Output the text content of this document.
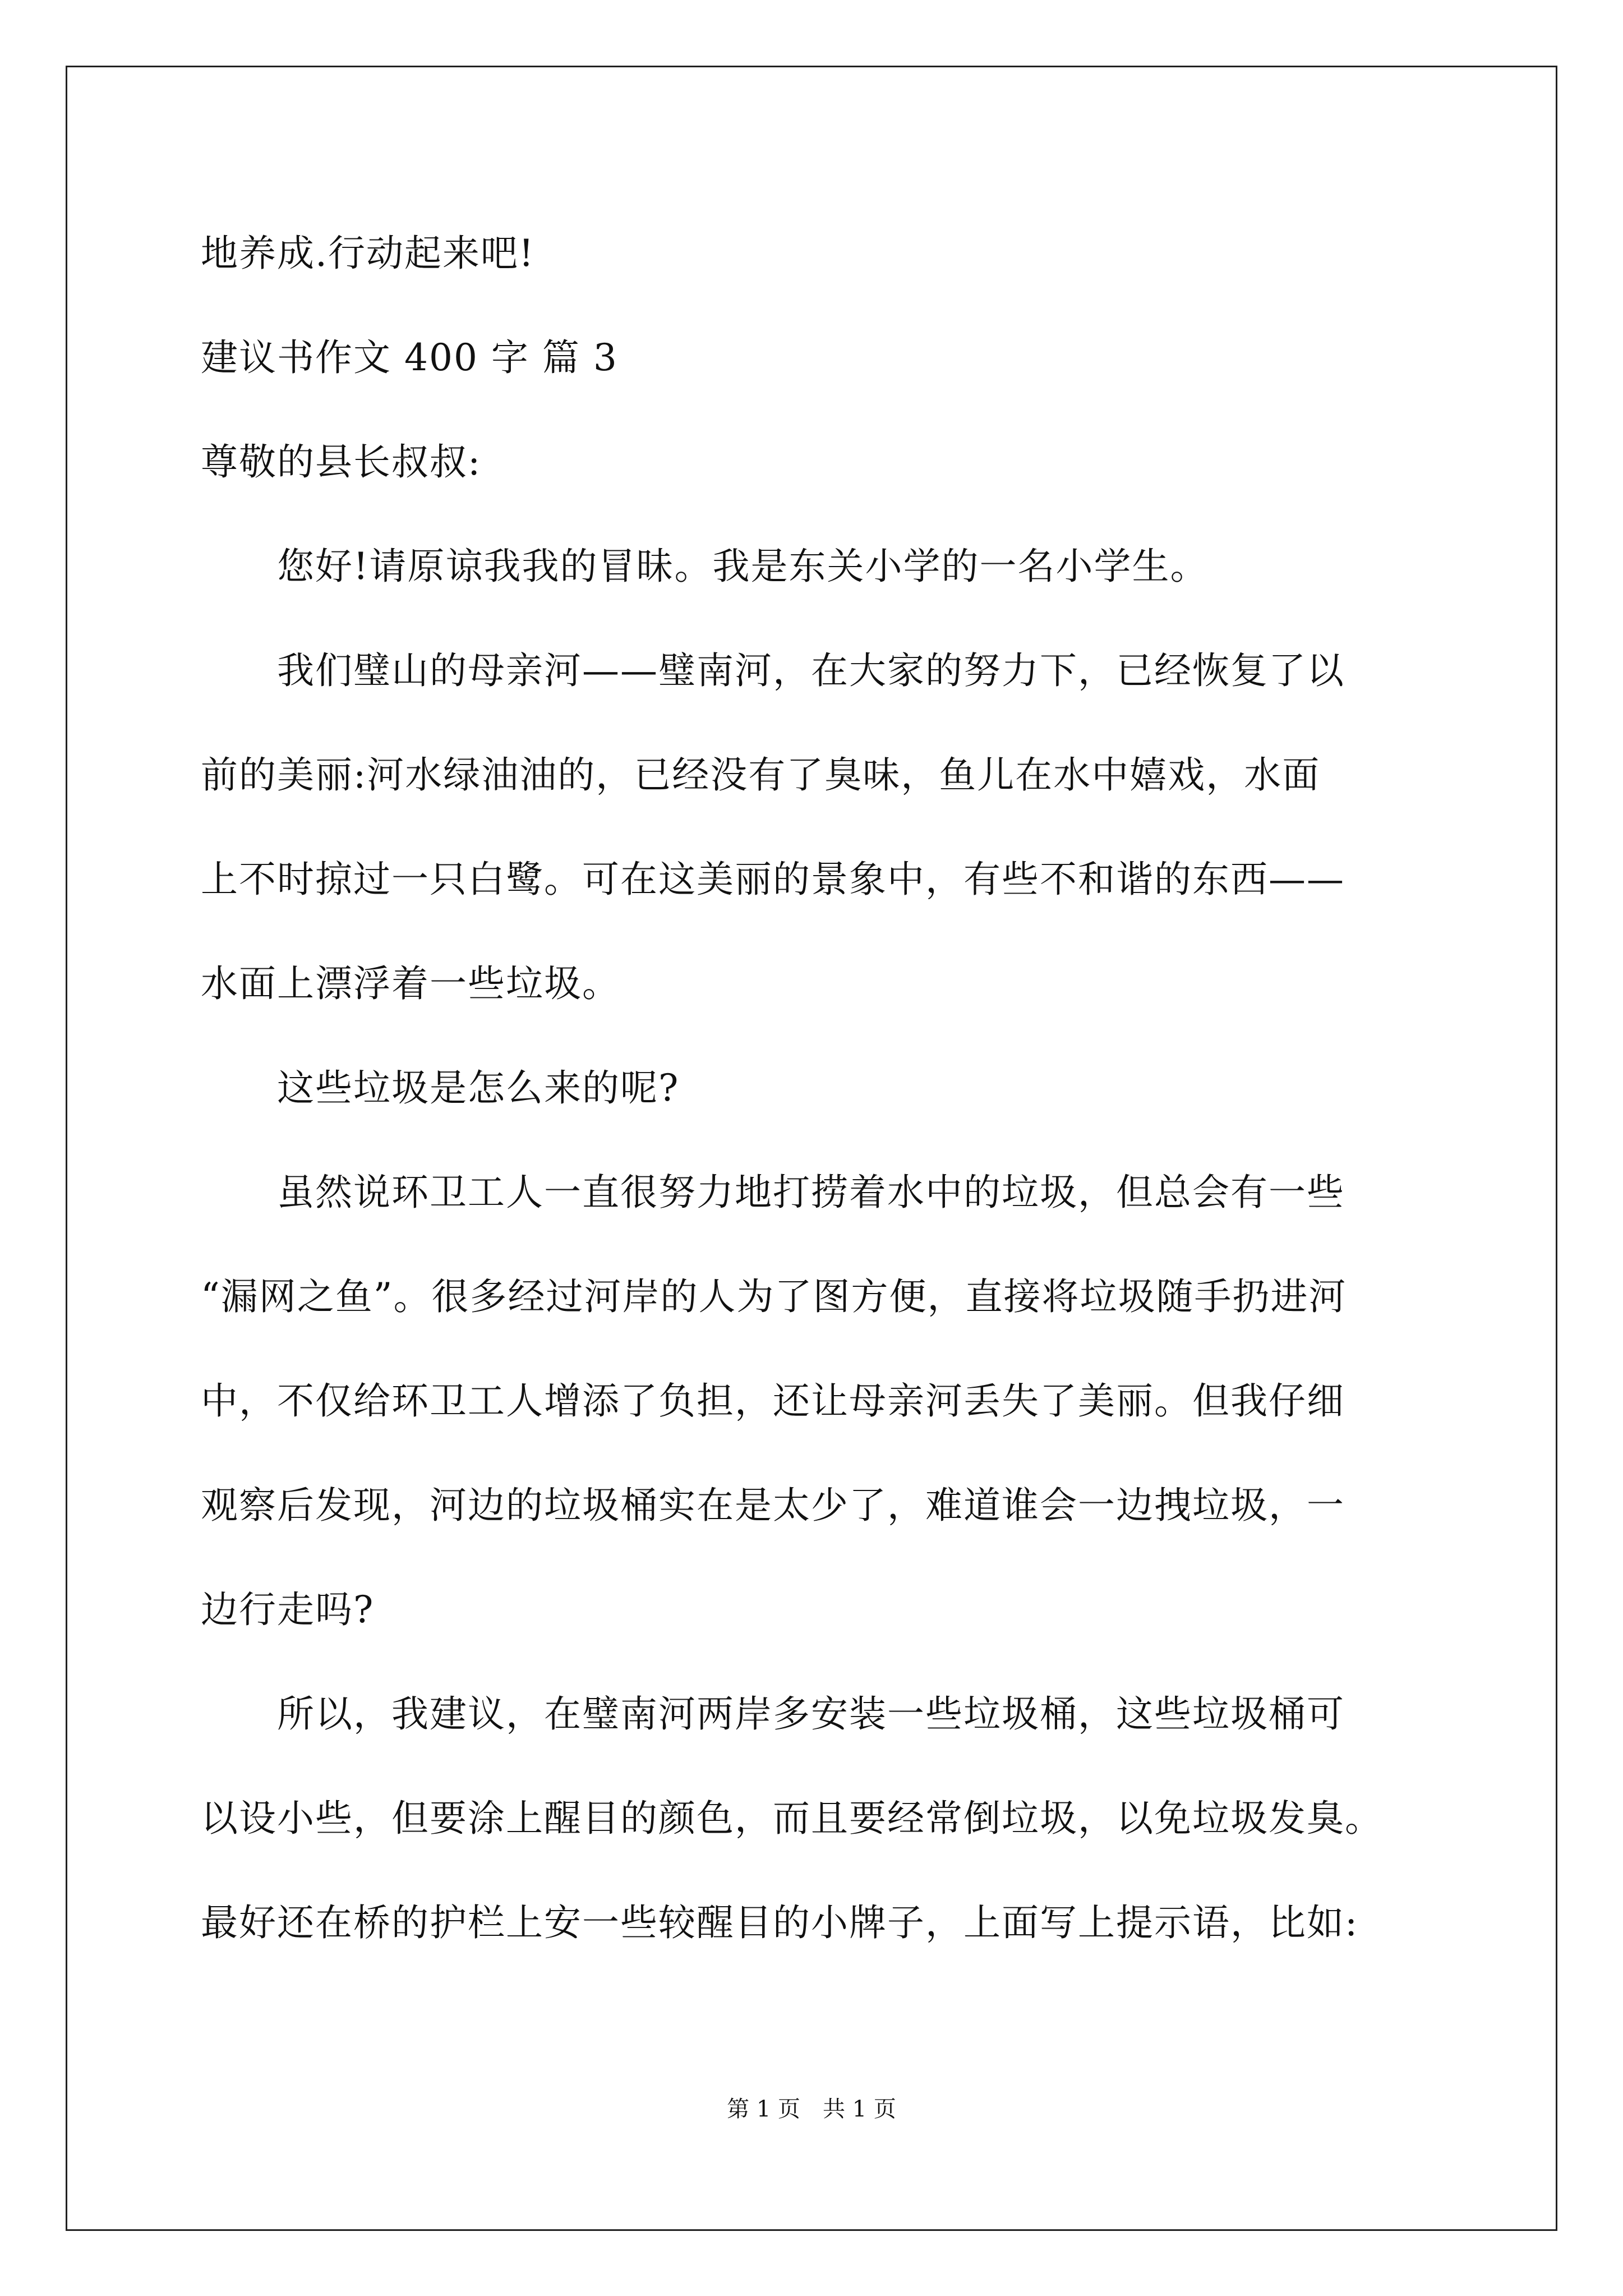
地养成.行动起来吧!
建议书作文 400 字 篇 3
尊敬的县长叔叔:
　　您好!请原谅我我的冒昧。我是东关小学的一名小学生。
　　我们璧山的母亲河——璧南河，在大家的努力下，已经恢复了以
前的美丽:河水绿油油的，已经没有了臭味，鱼儿在水中嬉戏，水面
上不时掠过一只白鹭。可在这美丽的景象中，有些不和谐的东西——
水面上漂浮着一些垃圾。
　　这些垃圾是怎么来的呢?
　　虽然说环卫工人一直很努力地打捞着水中的垃圾，但总会有一些
“漏网之鱼”。很多经过河岸的人为了图方便，直接将垃圾随手扔进河
中，不仅给环卫工人增添了负担，还让母亲河丢失了美丽。但我仔细
观察后发现，河边的垃圾桶实在是太少了，难道谁会一边拽垃圾，一
边行走吗?
　　所以，我建议，在璧南河两岸多安装一些垃圾桶，这些垃圾桶可
以设小些，但要涂上醒目的颜色，而且要经常倒垃圾，以免垃圾发臭。
最好还在桥的护栏上安一些较醒目的小牌子，上面写上提示语，比如:
第 1 页　共 1 页
